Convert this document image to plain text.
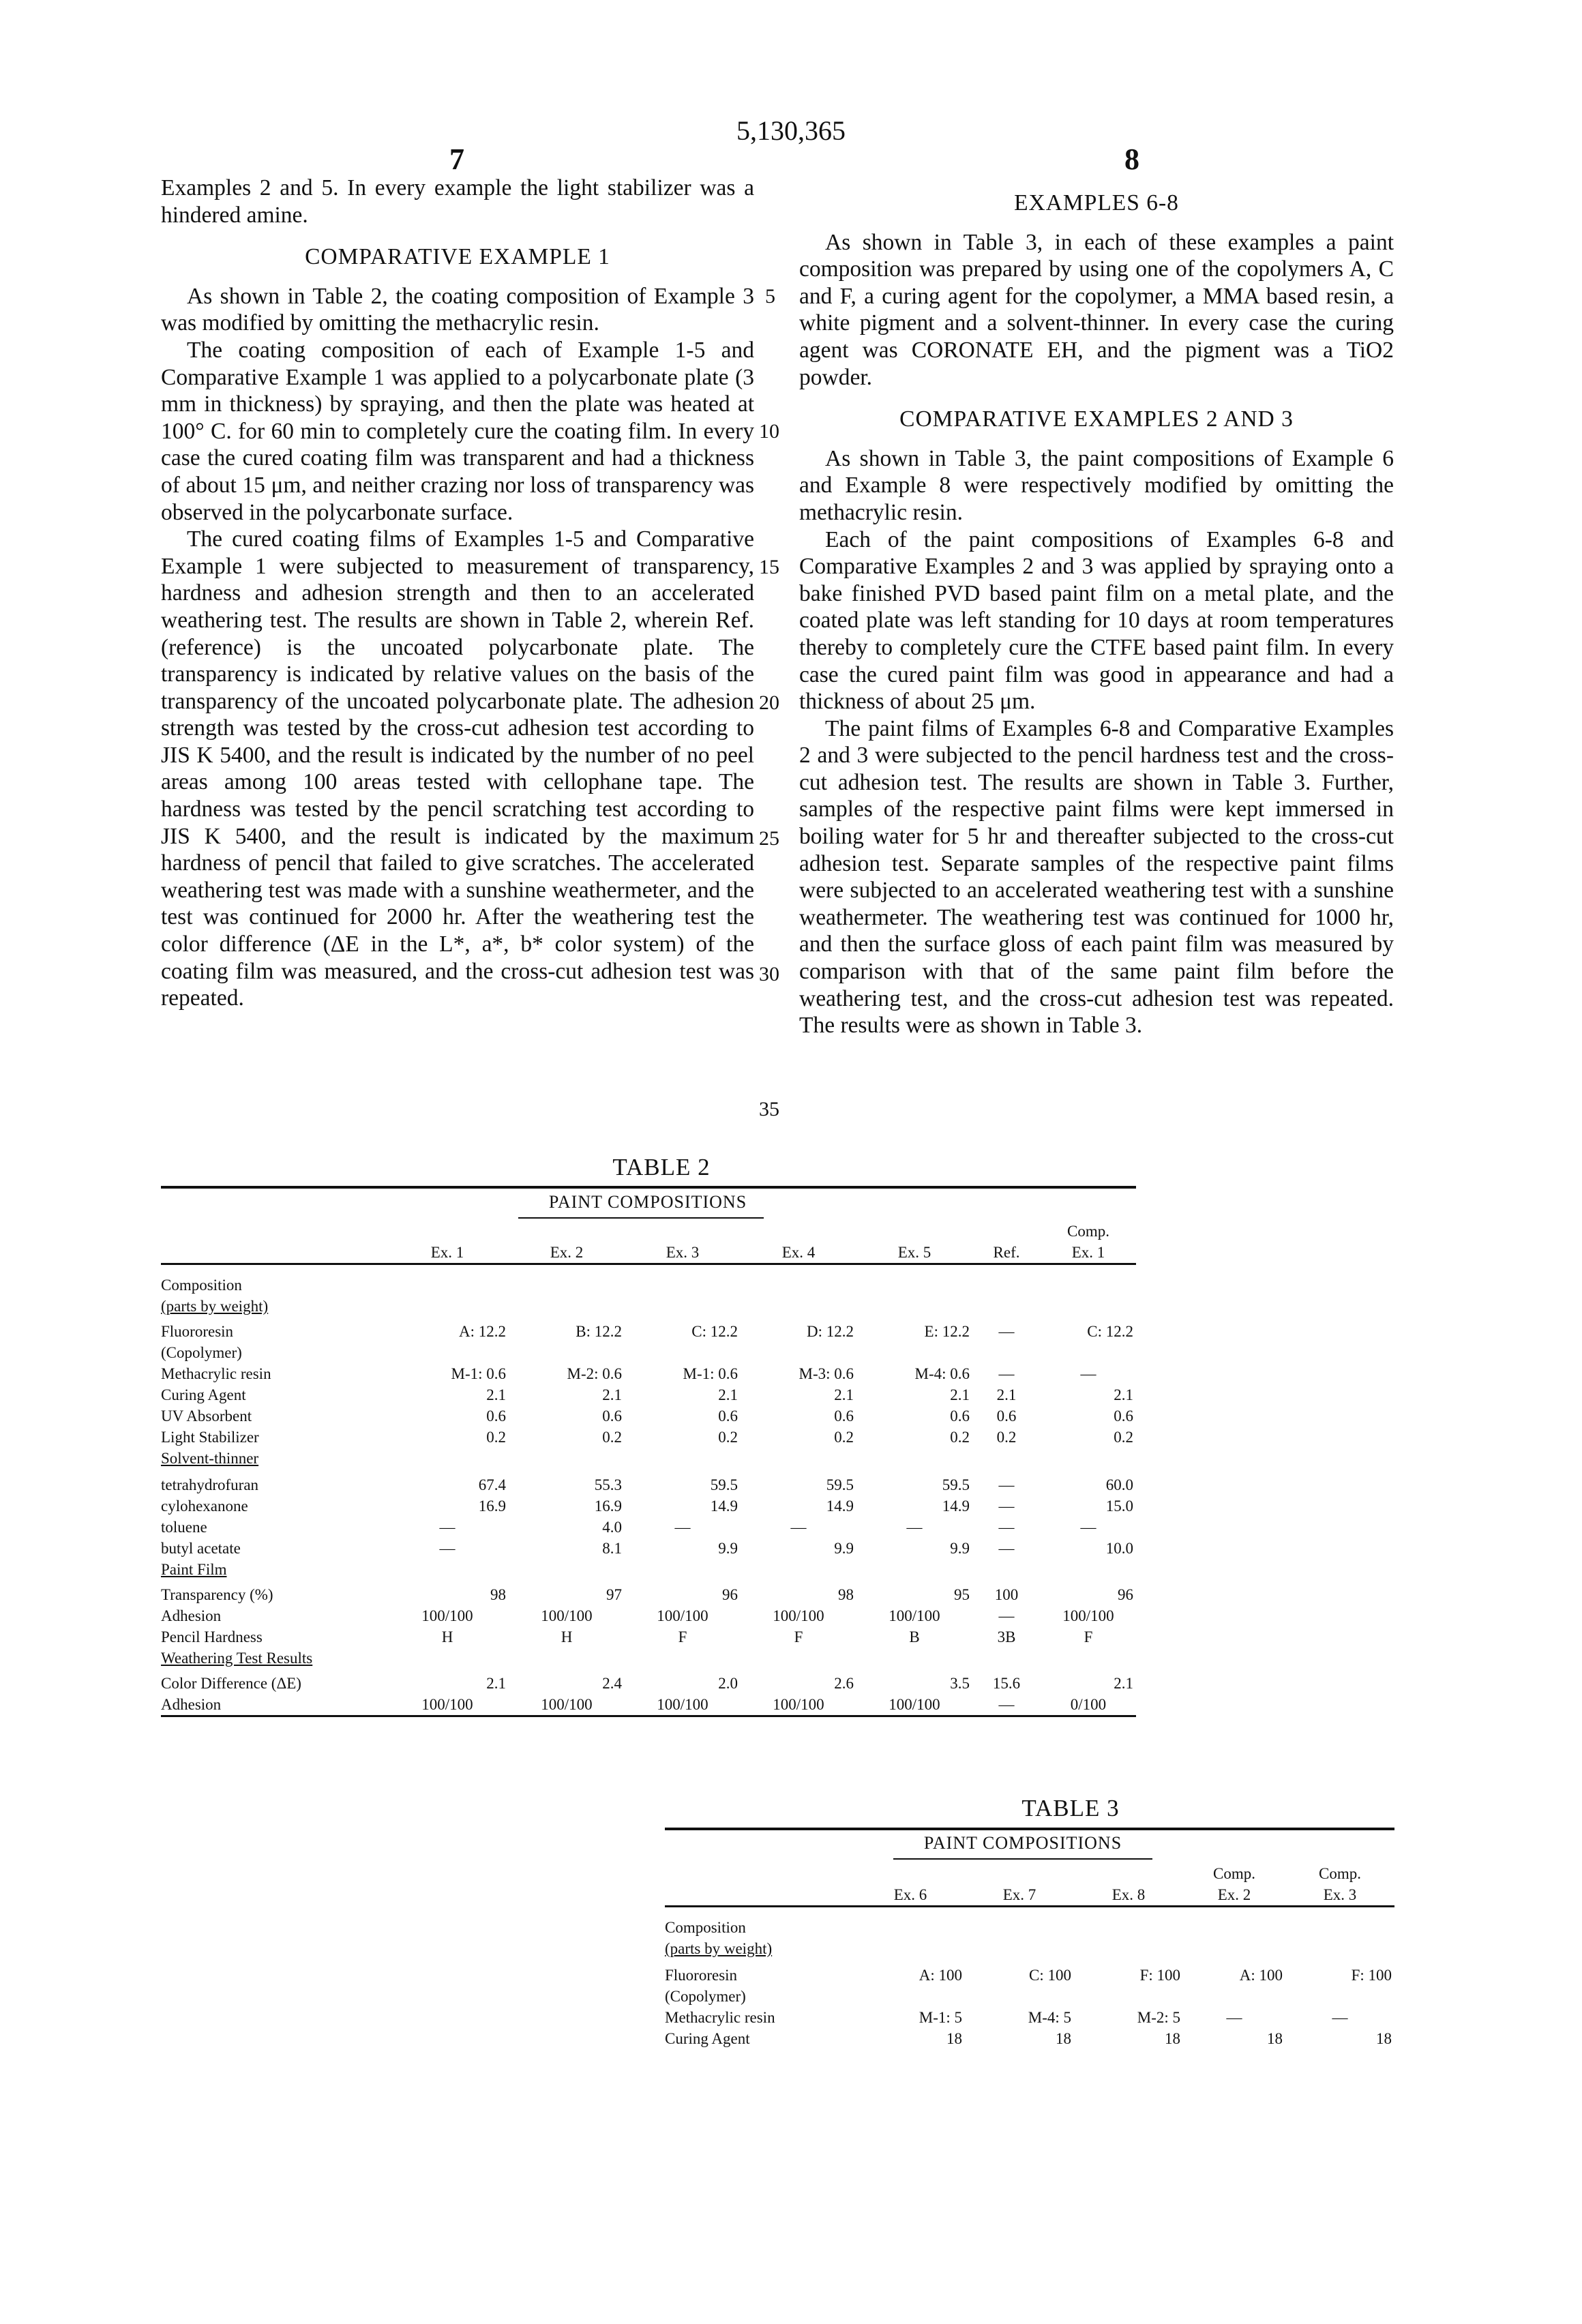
5,130,365
7	8

Examples 2 and 5. In every example the light stabilizer was a hindered amine.

COMPARATIVE EXAMPLE 1

As shown in Table 2, the coating composition of Example 3 was modified by omitting the methacrylic resin.

The coating composition of each of Example 1-5 and Comparative Example 1 was applied to a polycarbonate plate (3 mm in thickness) by spraying, and then the plate was heated at 100° C. for 60 min to completely cure the coating film. In every case the cured coating film was transparent and had a thickness of about 15 μm, and neither crazing nor loss of transparency was observed in the polycarbonate surface.

The cured coating films of Examples 1-5 and Comparative Example 1 were subjected to measurement of transparency, hardness and adhesion strength and then to an accelerated weathering test. The results are shown in Table 2, wherein Ref. (reference) is the uncoated polycarbonate plate. The transparency is indicated by relative values on the basis of the transparency of the uncoated polycarbonate plate. The adhesion strength was tested by the cross-cut adhesion test according to JIS K 5400, and the result is indicated by the number of no peel areas among 100 areas tested with cellophane tape. The hardness was tested by the pencil scratching test according to JIS K 5400, and the result is indicated by the maximum hardness of pencil that failed to give scratches. The accelerated weathering test was made with a sunshine weathermeter, and the test was continued for 2000 hr. After the weathering test the color difference (ΔE in the L*, a*, b* color system) of the coating film was measured, and the cross-cut adhesion test was repeated.

5
10
15
20
25
30
35
EXAMPLES 6-8

As shown in Table 3, in each of these examples a paint composition was prepared by using one of the copolymers A, C and F, a curing agent for the copolymer, a MMA based resin, a white pigment and a solvent-thinner. In every case the curing agent was CORONATE EH, and the pigment was a TiO2 powder.

COMPARATIVE EXAMPLES 2 AND 3

As shown in Table 3, the paint compositions of Example 6 and Example 8 were respectively modified by omitting the methacrylic resin.

Each of the paint compositions of Examples 6-8 and Comparative Examples 2 and 3 was applied by spraying onto a bake finished PVD based paint film on a metal plate, and the coated plate was left standing for 10 days at room temperatures thereby to completely cure the CTFE based paint film. In every case the cured paint film was good in appearance and had a thickness of about 25 μm.

The paint films of Examples 6-8 and Comparative Examples 2 and 3 were subjected to the pencil hardness test and the cross-cut adhesion test. The results are shown in Table 3. Further, samples of the respective paint films were kept immersed in boiling water for 5 hr and thereafter subjected to the cross-cut adhesion test. Separate samples of the respective paint films were subjected to an accelerated weathering test with a sunshine weathermeter. The weathering test was continued for 1000 hr, and then the surface gloss of each paint film was measured by comparison with that of the same paint film before the weathering test, and the cross-cut adhesion test was repeated. The results were as shown in Table 3.

TABLE 2
PAINT COMPOSITIONS
							Comp.
	Ex. 1	Ex. 2	Ex. 3	Ex. 4	Ex. 5	Ref.	Ex. 1
Composition	
(parts by weight)	
Fluororesin	A: 12.2	B: 12.2	C: 12.2	D: 12.2	E: 12.2	—	C: 12.2
(Copolymer)	
Methacrylic resin	M-1: 0.6	M-2: 0.6	M-1: 0.6	M-3: 0.6	M-4: 0.6	—	—
Curing Agent	2.1	2.1	2.1	2.1	2.1	2.1	2.1
UV Absorbent	0.6	0.6	0.6	0.6	0.6	0.6	0.6
Light Stabilizer	0.2	0.2	0.2	0.2	0.2	0.2	0.2
Solvent-thinner	
tetrahydrofuran	67.4	55.3	59.5	59.5	59.5	—	60.0
cylohexanone	16.9	16.9	14.9	14.9	14.9	—	15.0
toluene	—	4.0	—	—	—	—	—
butyl acetate	—	8.1	9.9	9.9	9.9	—	10.0
Paint Film	
Transparency (%)	98	97	96	98	95	100	96
Adhesion	100/100	100/100	100/100	100/100	100/100	—	100/100
Pencil Hardness	H	H	F	F	B	3B	F
Weathering Test Results	
Color Difference (ΔE)	2.1	2.4	2.0	2.6	3.5	15.6	2.1
Adhesion	100/100	100/100	100/100	100/100	100/100	—	0/100
TABLE 3
PAINT COMPOSITIONS
				Comp.	Comp.
	Ex. 6	Ex. 7	Ex. 8	Ex. 2	Ex. 3
Composition	
(parts by weight)	
Fluororesin	A: 100	C: 100	F: 100	A: 100	F: 100
(Copolymer)	
Methacrylic resin	M-1: 5	M-4: 5	M-2: 5	—	—
Curing Agent	18	18	18	18	18
